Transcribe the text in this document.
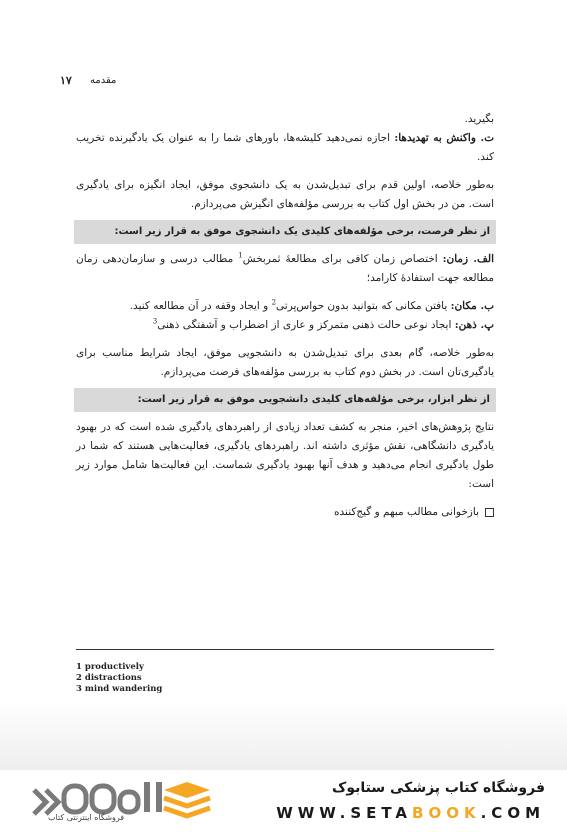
۱۷ مقدمه

بگیرید.

ت. واکنش به تهدیدها: اجازه نمی‌دهید کلیشه‌ها، باورهای شما را به عنوان یک یادگیرنده تخریب کند.

به‌طور خلاصه، اولین قدم برای تبدیل‌شدن به یک دانشجوی موفق، ایجاد انگیزه برای یادگیری است. من در بخش اول کتاب به بررسی مؤلفه‌های انگیزش می‌پردازم.

از نظر فرصت، برخی مؤلفه‌های کلیدی یک دانشجوی موفق به قرار زیر است:

الف. زمان: اختصاص زمان کافی برای مطالعهٔ ثمربخش$^1$ مطالب درسی و سازمان‌دهی زمان مطالعه جهت استفادهٔ کارامد؛

ب. مکان: یافتن مکانی که بتوانید بدون حواس‌پرتی$^2$ و ایجاد وقفه در آن مطالعه کنید.

پ. ذهن: ایجاد نوعی حالت ذهنی متمرکز و عاری از اضطراب و آشفتگی ذهنی$^3$

به‌طور خلاصه، گام بعدی برای تبدیل‌شدن به دانشجویی موفق، ایجاد شرایط مناسب برای یادگیری‌تان است. در بخش دوم کتاب به بررسی مؤلفه‌های فرصت می‌پردازم.

از نظر ابزار، برخی مؤلفه‌های کلیدی دانشجویی موفق به قرار زیر است:

نتایج پژوهش‌های اخیر، منجر به کشف تعداد زیادی از راهبردهای یادگیری شده است که در بهبود یادگیری دانشگاهی، نقش مؤثری داشته اند. راهبردهای یادگیری، فعالیت‌هایی هستند که شما در طول یادگیری انجام می‌دهید و هدف آنها بهبود یادگیری شماست. این فعالیت‌ها شامل موارد زیر است:

بازخوانی مطالب مبهم و گیج‌کننده

1 productively
2 distractions
3 mind wandering
فروشگاه اینترنتی کتاب
فروشگاه کتاب پزشکی ستابوک
WWW.SETABOOK.COM
